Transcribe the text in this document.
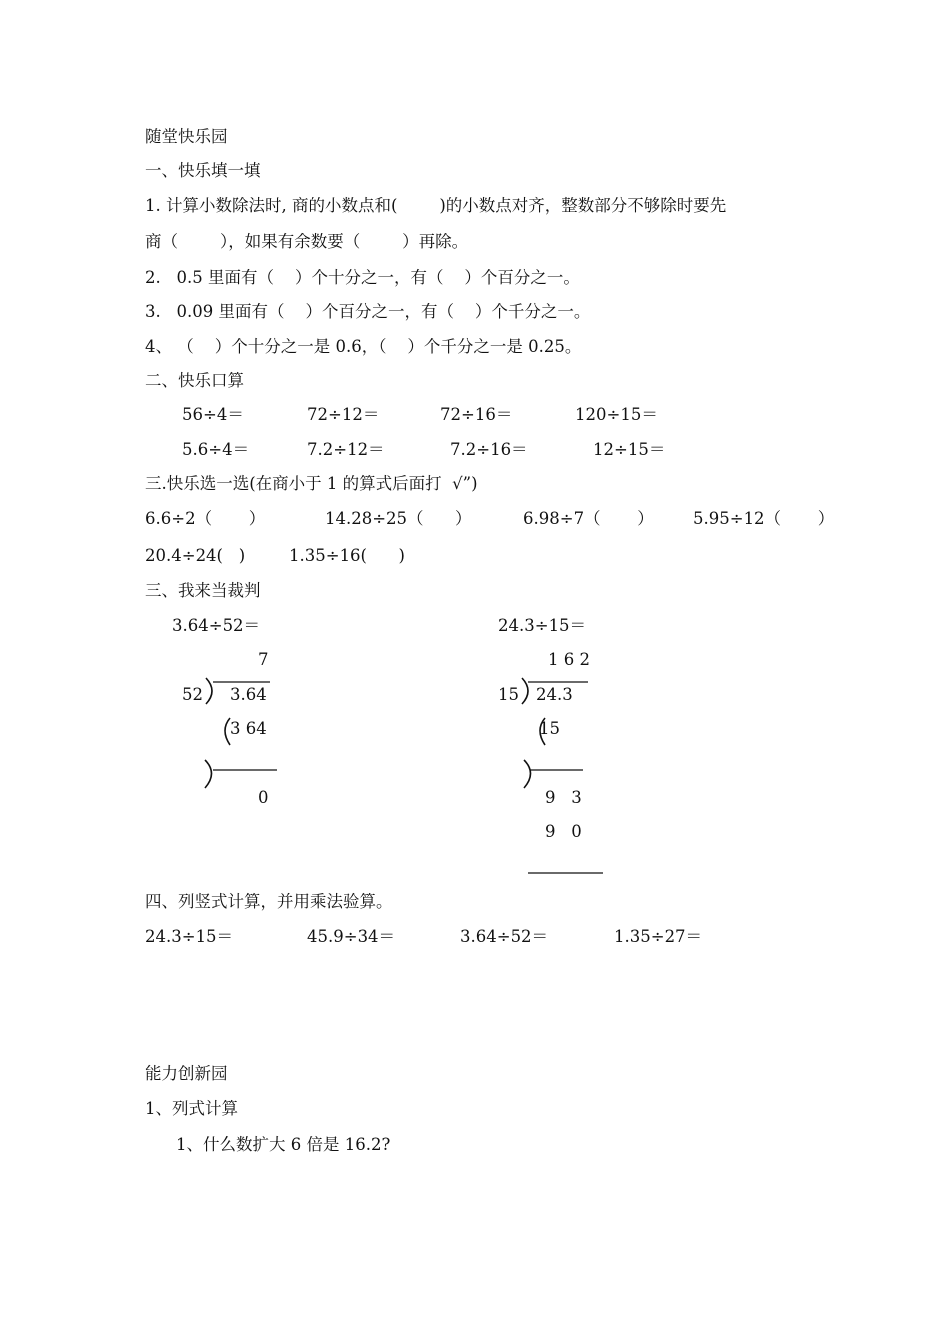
随堂快乐园
一、快乐填一填
1. 计算小数除法时, 商的小数点和(        )的小数点对齐，整数部分不够除时要先
商（        ），如果有余数要（        ）再除。
2.   0.5 里面有（    ）个十分之一，有（    ）个百分之一。
3.   0.09 里面有（    ）个百分之一，有（    ）个千分之一。
4、 （    ）个十分之一是 0.6，（    ）个千分之一是 0.25。
二、快乐口算
56÷4＝	72÷12＝	72÷16＝	120÷15＝
5.6÷4＝	7.2÷12＝	7.2÷16＝	12÷15＝
三.快乐选一选(在商小于 1 的算式后面打  √”)
6.6÷2（       ）	14.28÷25（      ）	6.98÷7（       ） 5.95÷12（       ）
20.4÷24(   )	1.35÷16(      )
三、我来当裁判
3.64÷52＝
7
52 3.64
3 64
0
24.3÷15＝
1 6 2
15 24.3
15
9   3
9   0
四、列竖式计算，并用乘法验算。
24.3÷15＝	45.9÷34＝	3.64÷52＝	1.35÷27＝
能力创新园
1、列式计算
1、什么数扩大 6 倍是 16.2?
